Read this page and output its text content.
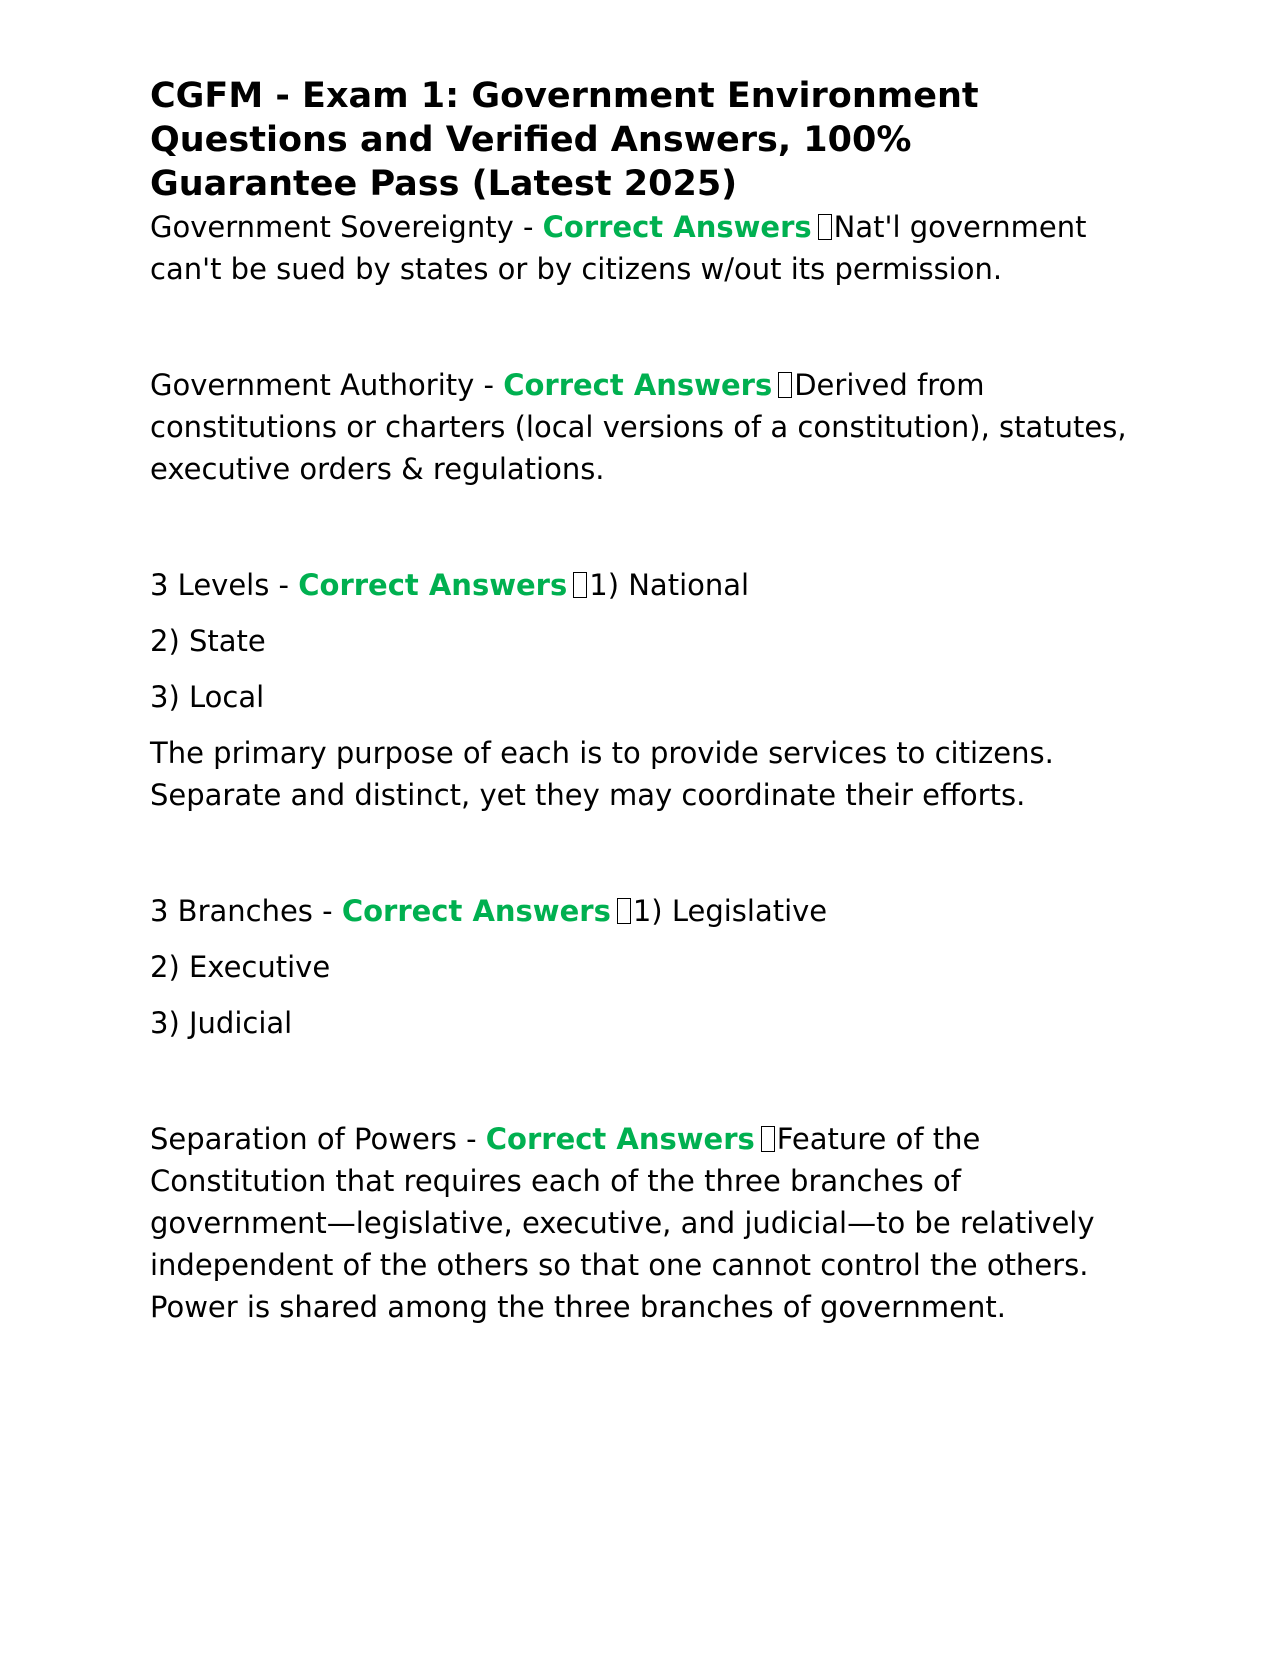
CGFM - Exam 1: Government Environment Questions and Verified Answers, 100% Guarantee Pass (Latest 2025)

Government Sovereignty - Correct Answers Nat'l government can't be sued by states or by citizens w/out its permission.

Government Authority - Correct Answers Derived from constitutions or charters (local versions of a constitution), statutes, executive orders & regulations.

3 Levels - Correct Answers 1) National

2) State

3) Local

The primary purpose of each is to provide services to citizens. Separate and distinct, yet they may coordinate their efforts.

3 Branches - Correct Answers 1) Legislative

2) Executive

3) Judicial

Separation of Powers - Correct Answers Feature of the Constitution that requires each of the three branches of government—legislative, executive, and judicial—to be relatively independent of the others so that one cannot control the others. Power is shared among the three branches of government.
